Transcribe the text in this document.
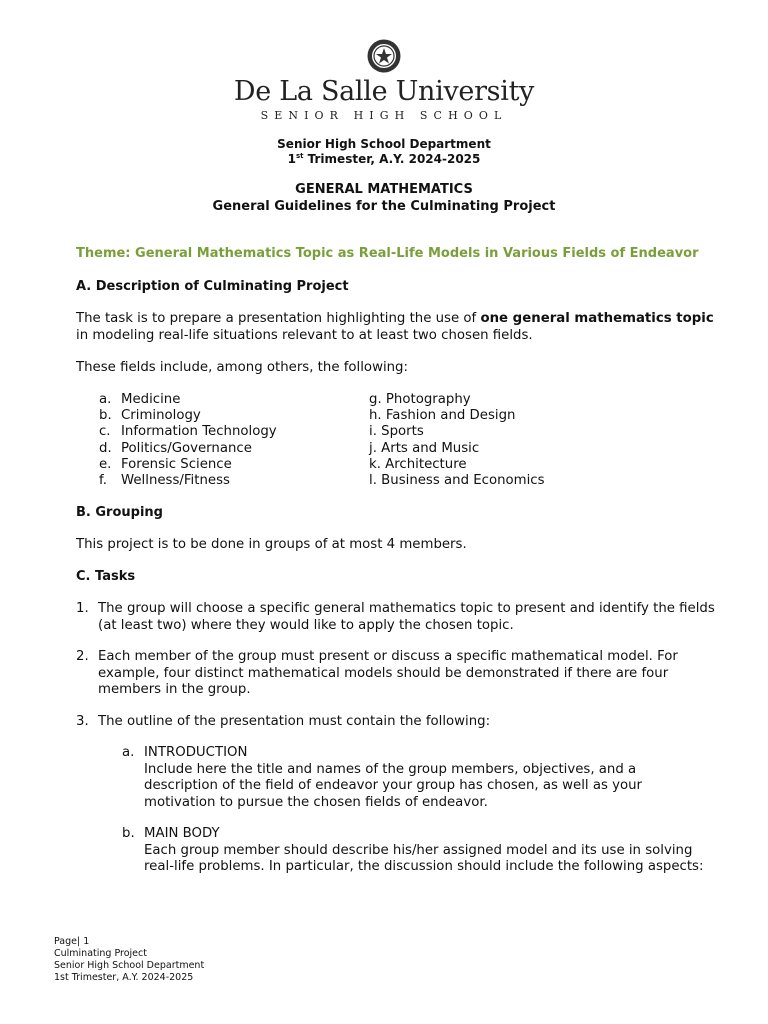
De La Salle University
SENIOR HIGH SCHOOL
Senior High School Department
1st Trimester, A.Y. 2024-2025
GENERAL MATHEMATICS
General Guidelines for the Culminating Project
Theme: General Mathematics Topic as Real-Life Models in Various Fields of Endeavor
A. Description of Culminating Project
The task is to prepare a presentation highlighting the use of one general mathematics topic in modeling real-life situations relevant to at least two chosen fields.
These fields include, among others, the following:
a. Medicine
b. Criminology
c. Information Technology
d. Politics/Governance
e. Forensic Science
f. Wellness/Fitness
g. Photography
h. Fashion and Design
i. Sports
j. Arts and Music
k. Architecture
l. Business and Economics
B. Grouping
This project is to be done in groups of at most 4 members.
C. Tasks
1. The group will choose a specific general mathematics topic to present and identify the fields (at least two) where they would like to apply the chosen topic.
2. Each member of the group must present or discuss a specific mathematical model. For example, four distinct mathematical models should be demonstrated if there are four members in the group.
3. The outline of the presentation must contain the following:
a. INTRODUCTION
Include here the title and names of the group members, objectives, and a description of the field of endeavor your group has chosen, as well as your motivation to pursue the chosen fields of endeavor.
b. MAIN BODY
Each group member should describe his/her assigned model and its use in solving real-life problems. In particular, the discussion should include the following aspects:
Page| 1
Culminating Project
Senior High School Department
1st Trimester, A.Y. 2024-2025
